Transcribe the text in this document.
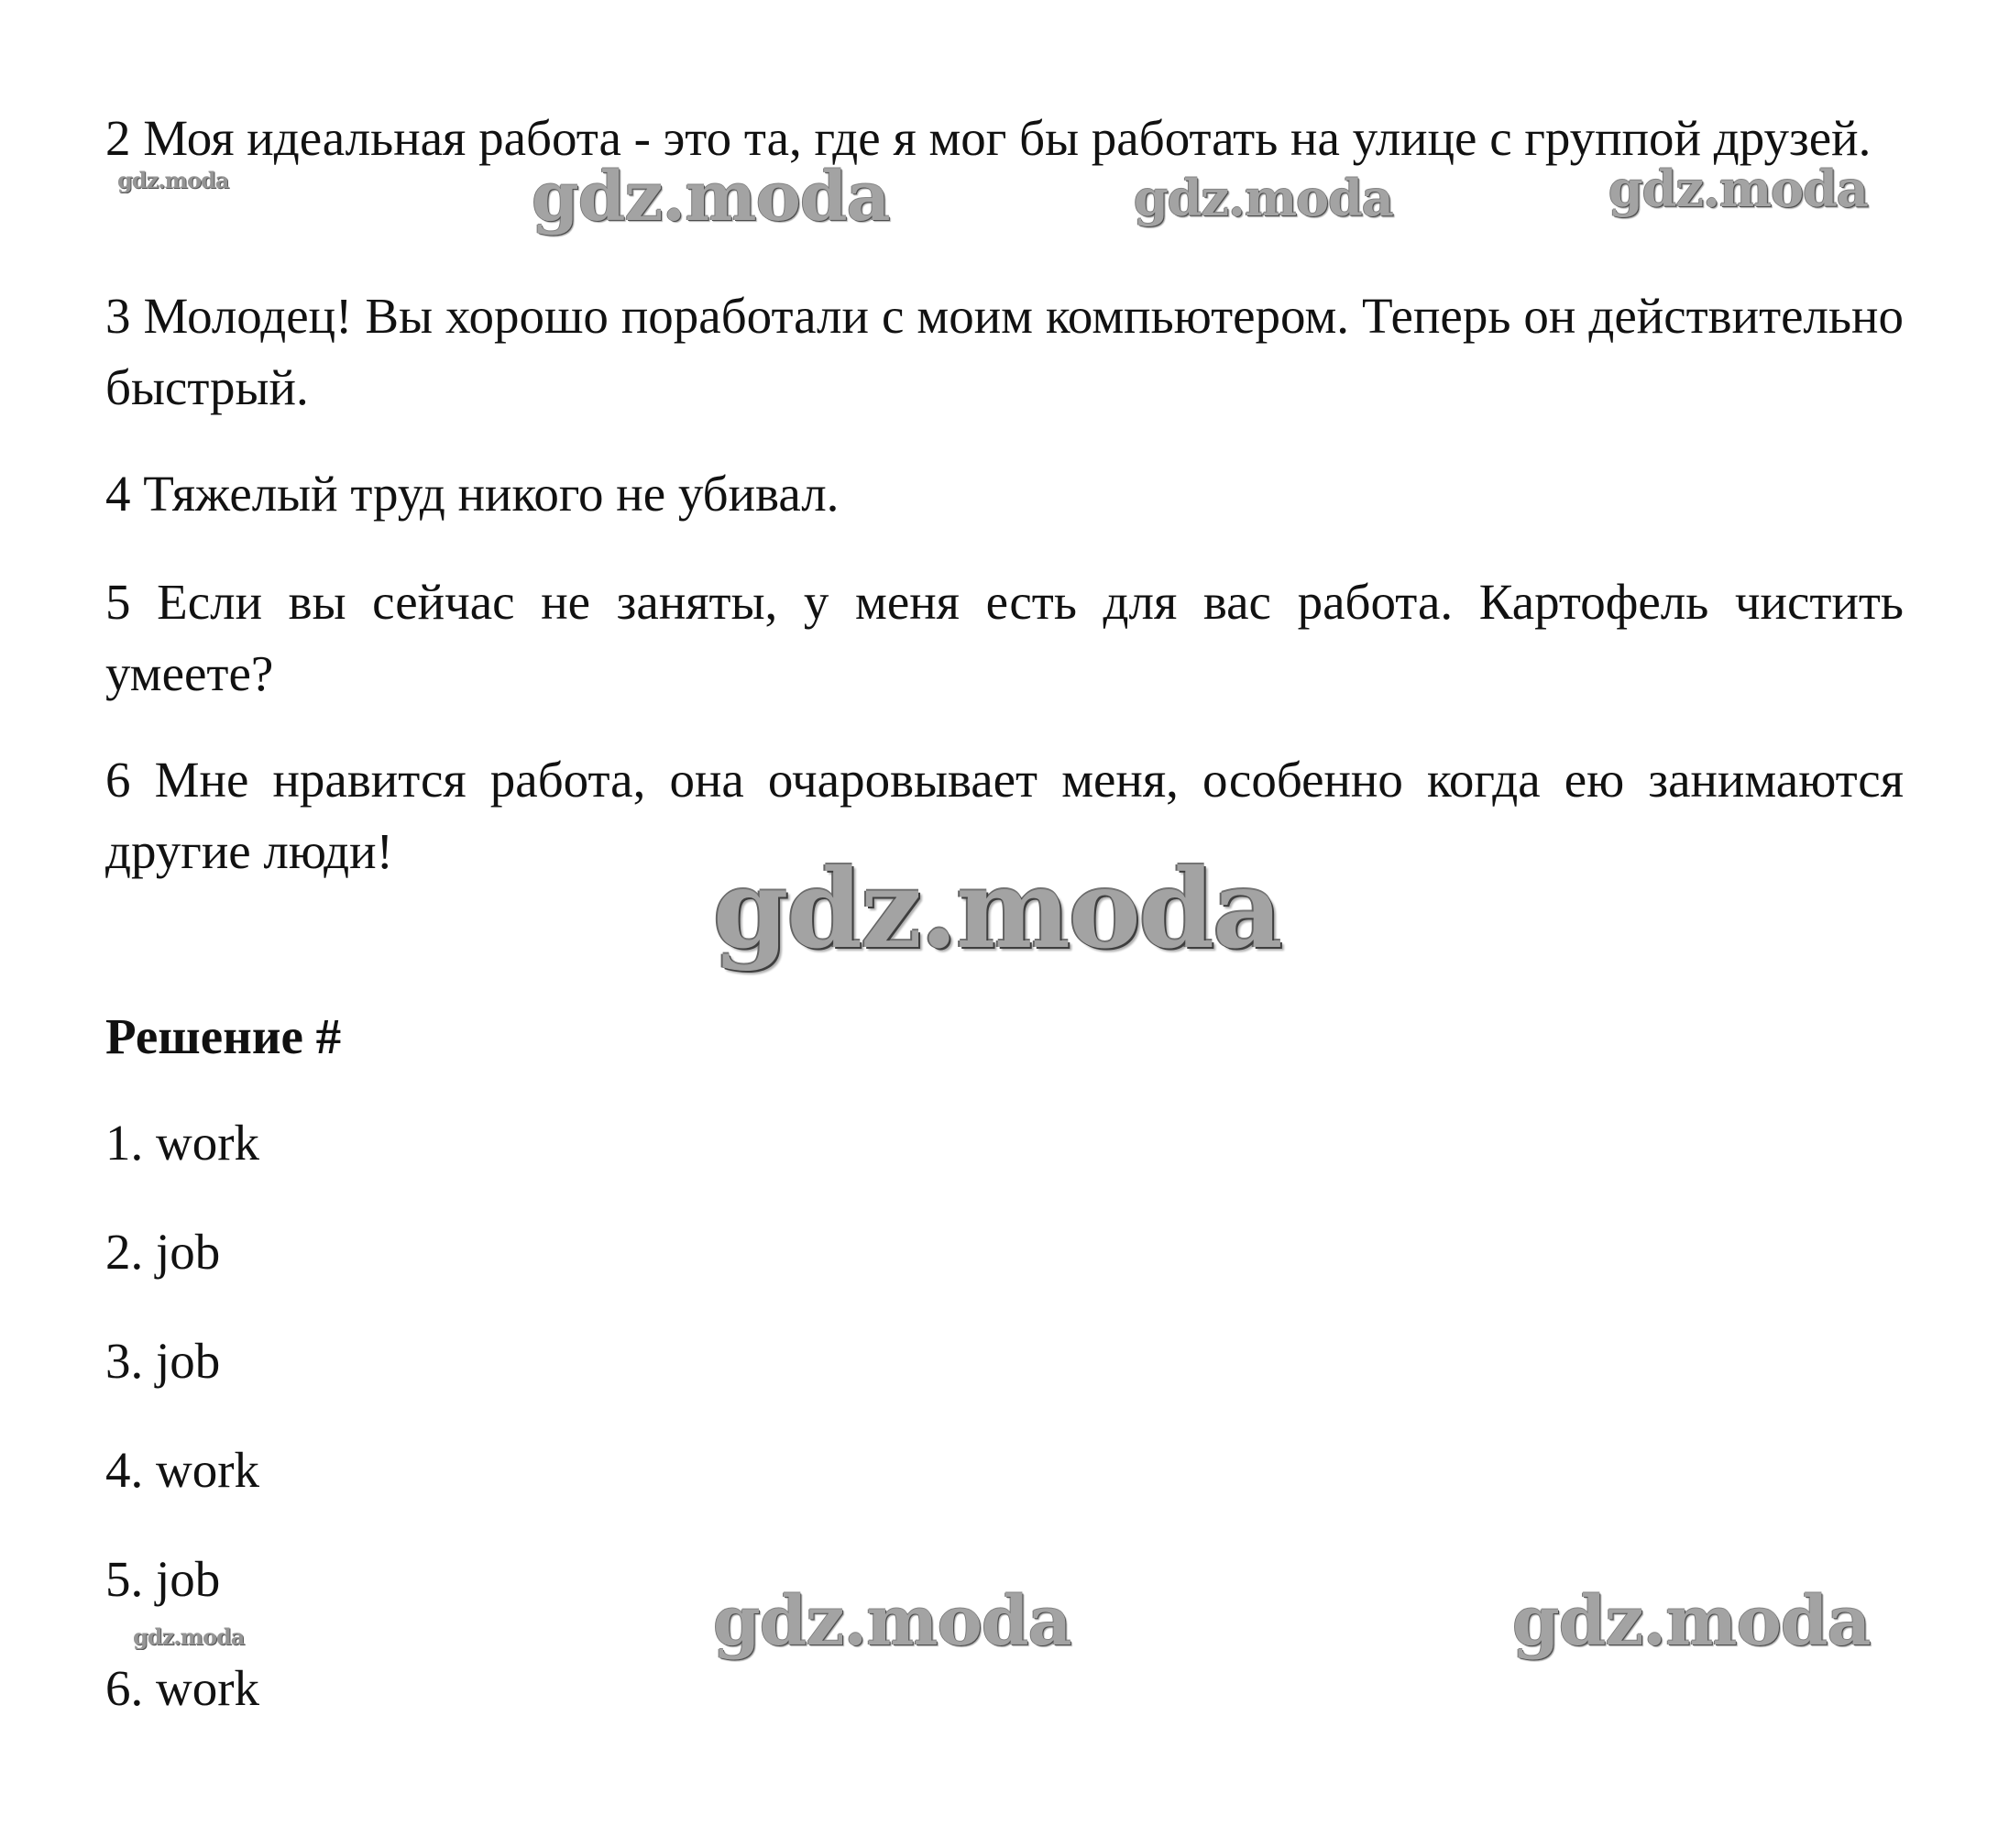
2 Моя идеальная работа - это та, где я мог бы работать на улице с группой друзей.

3 Молодец! Вы хорошо поработали с моим компьютером. Теперь он действительно быстрый.

4 Тяжелый труд никого не убивал.

5 Если вы сейчас не заняты, у меня есть для вас работа. Картофель чистить умеете?

6 Мне нравится работа, она очаровывает меня, особенно когда ею занимаются другие люди!

Решение #

1. work

2. job

3. job

4. work

5. job

6. work

gdz.moda	gdz.moda	gdz.moda	gdz.moda
gdz.moda
gdz.moda	gdz.moda
gdz.moda
